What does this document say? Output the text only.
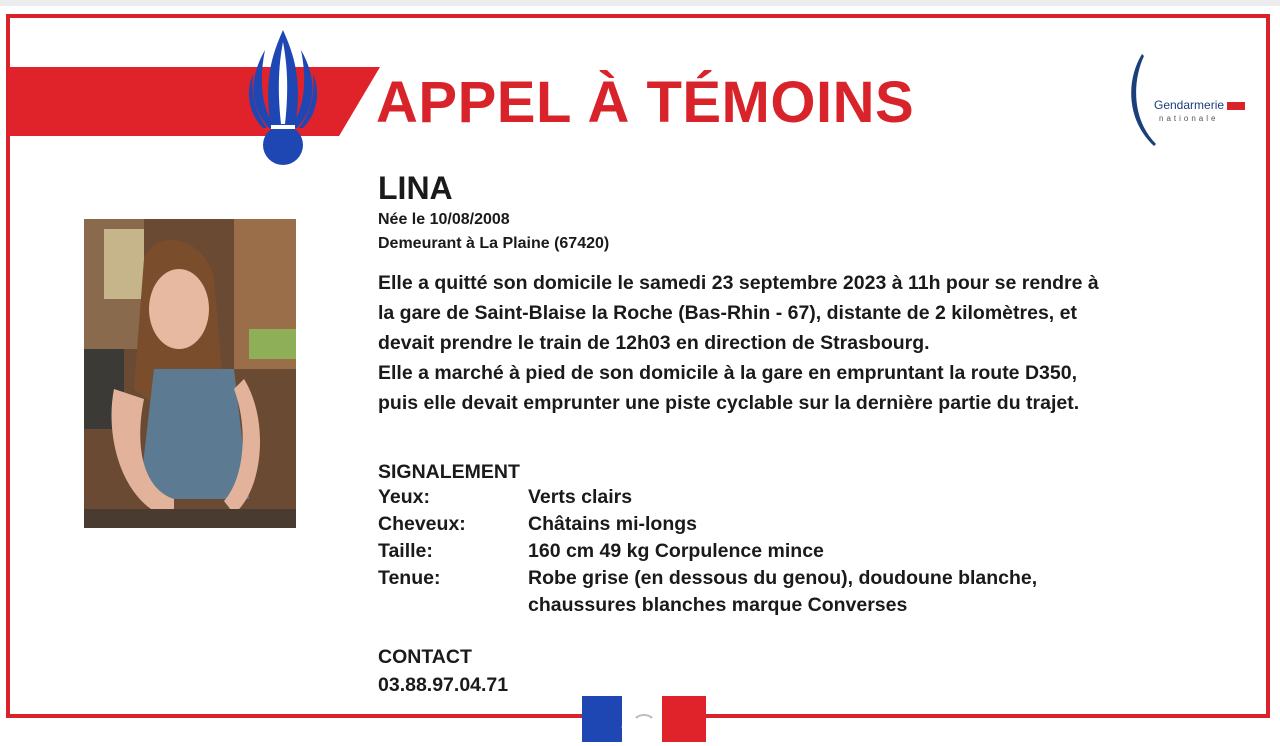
APPEL À TÉMOINS	Gendarmerie
nationale
LINA
Née le 10/08/2008
Demeurant à La Plaine (67420)
Elle a quitté son domicile le samedi 23 septembre 2023 à 11h pour se rendre à
la gare de Saint-Blaise la Roche (Bas-Rhin - 67), distante de 2 kilomètres, et
devait prendre le train de 12h03 en direction de Strasbourg.
Elle a marché à pied de son domicile à la gare en empruntant la route D350,
puis elle devait emprunter une piste cyclable sur la dernière partie du trajet.
SIGNALEMENT
Yeux:	Verts clairs
Cheveux:	Châtains mi-longs
Taille:	160 cm 49 kg Corpulence mince
Tenue:	Robe grise (en dessous du genou), doudoune blanche,
chaussures blanches marque Converses
CONTACT
03.88.97.04.71
